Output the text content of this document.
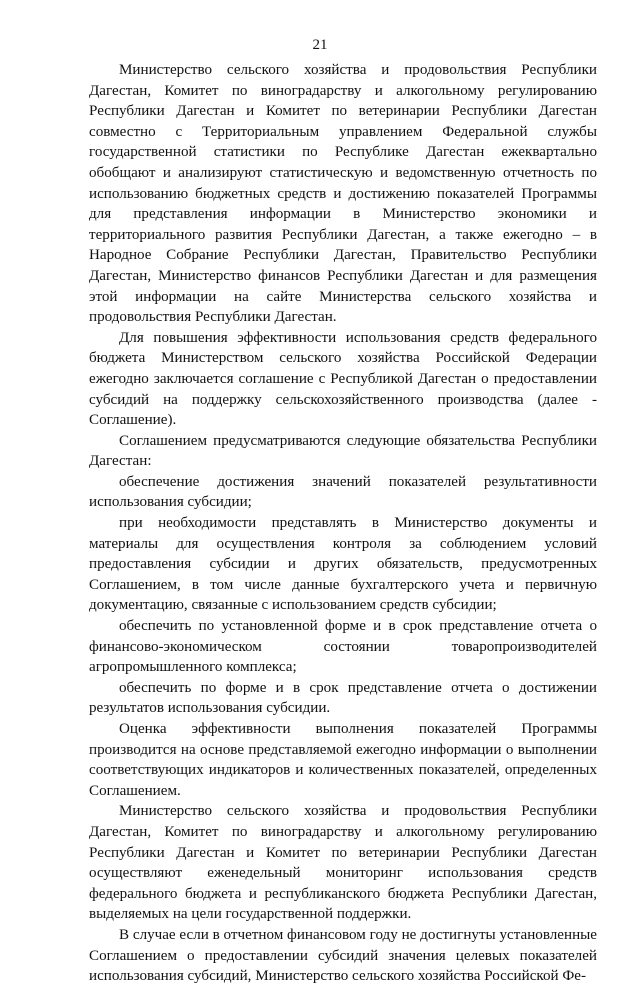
21

Министерство сельского хозяйства и продовольствия Республики Дагестан, Комитет по виноградарству и алкогольному регулированию Республики Дагестан и Комитет по ветеринарии Республики Дагестан совместно с Территориальным управлением Федеральной службы государственной статистики по Республике Дагестан ежеквартально обобщают и анализируют статистическую и ведомственную отчетность по использованию бюджетных средств и достижению показателей Программы для представления информации в Министерство экономики и территориального развития Республики Дагестан, а также ежегодно – в Народное Собрание Республики Дагестан, Правительство Республики Дагестан, Министерство финансов Республики Дагестан и для размещения этой информации на сайте Министерства сельского хозяйства и продовольствия Республики Дагестан.

Для повышения эффективности использования средств федерального бюджета Министерством сельского хозяйства Российской Федерации ежегодно заключается соглашение с Республикой Дагестан о предоставлении субсидий на поддержку сельскохозяйственного производства (далее - Соглашение).

Соглашением предусматриваются следующие обязательства Республики Дагестан:

обеспечение достижения значений показателей результативности использования субсидии;

при необходимости представлять в Министерство документы и материалы для осуществления контроля за соблюдением условий предоставления субсидии и других обязательств, предусмотренных Соглашением, в том числе данные бухгалтерского учета и первичную документацию, связанные с использованием средств субсидии;

обеспечить по установленной форме и в срок представление отчета о финансово-экономическом состоянии товаропроизводителей агропромышленного комплекса;

обеспечить по форме и в срок представление отчета о достижении результатов использования субсидии.

Оценка эффективности выполнения показателей Программы производится на основе представляемой ежегодно информации о выполнении соответствующих индикаторов и количественных показателей, определенных Соглашением.

Министерство сельского хозяйства и продовольствия Республики Дагестан, Комитет по виноградарству и алкогольному регулированию Республики Дагестан и Комитет по ветеринарии Республики Дагестан осуществляют еженедельный мониторинг использования средств федерального бюджета и республиканского бюджета Республики Дагестан, выделяемых на цели государственной поддержки.

В случае если в отчетном финансовом году не достигнуты установленные Соглашением о предоставлении субсидий значения целевых показателей использования субсидий, Министерство сельского хозяйства Российской Фе-
